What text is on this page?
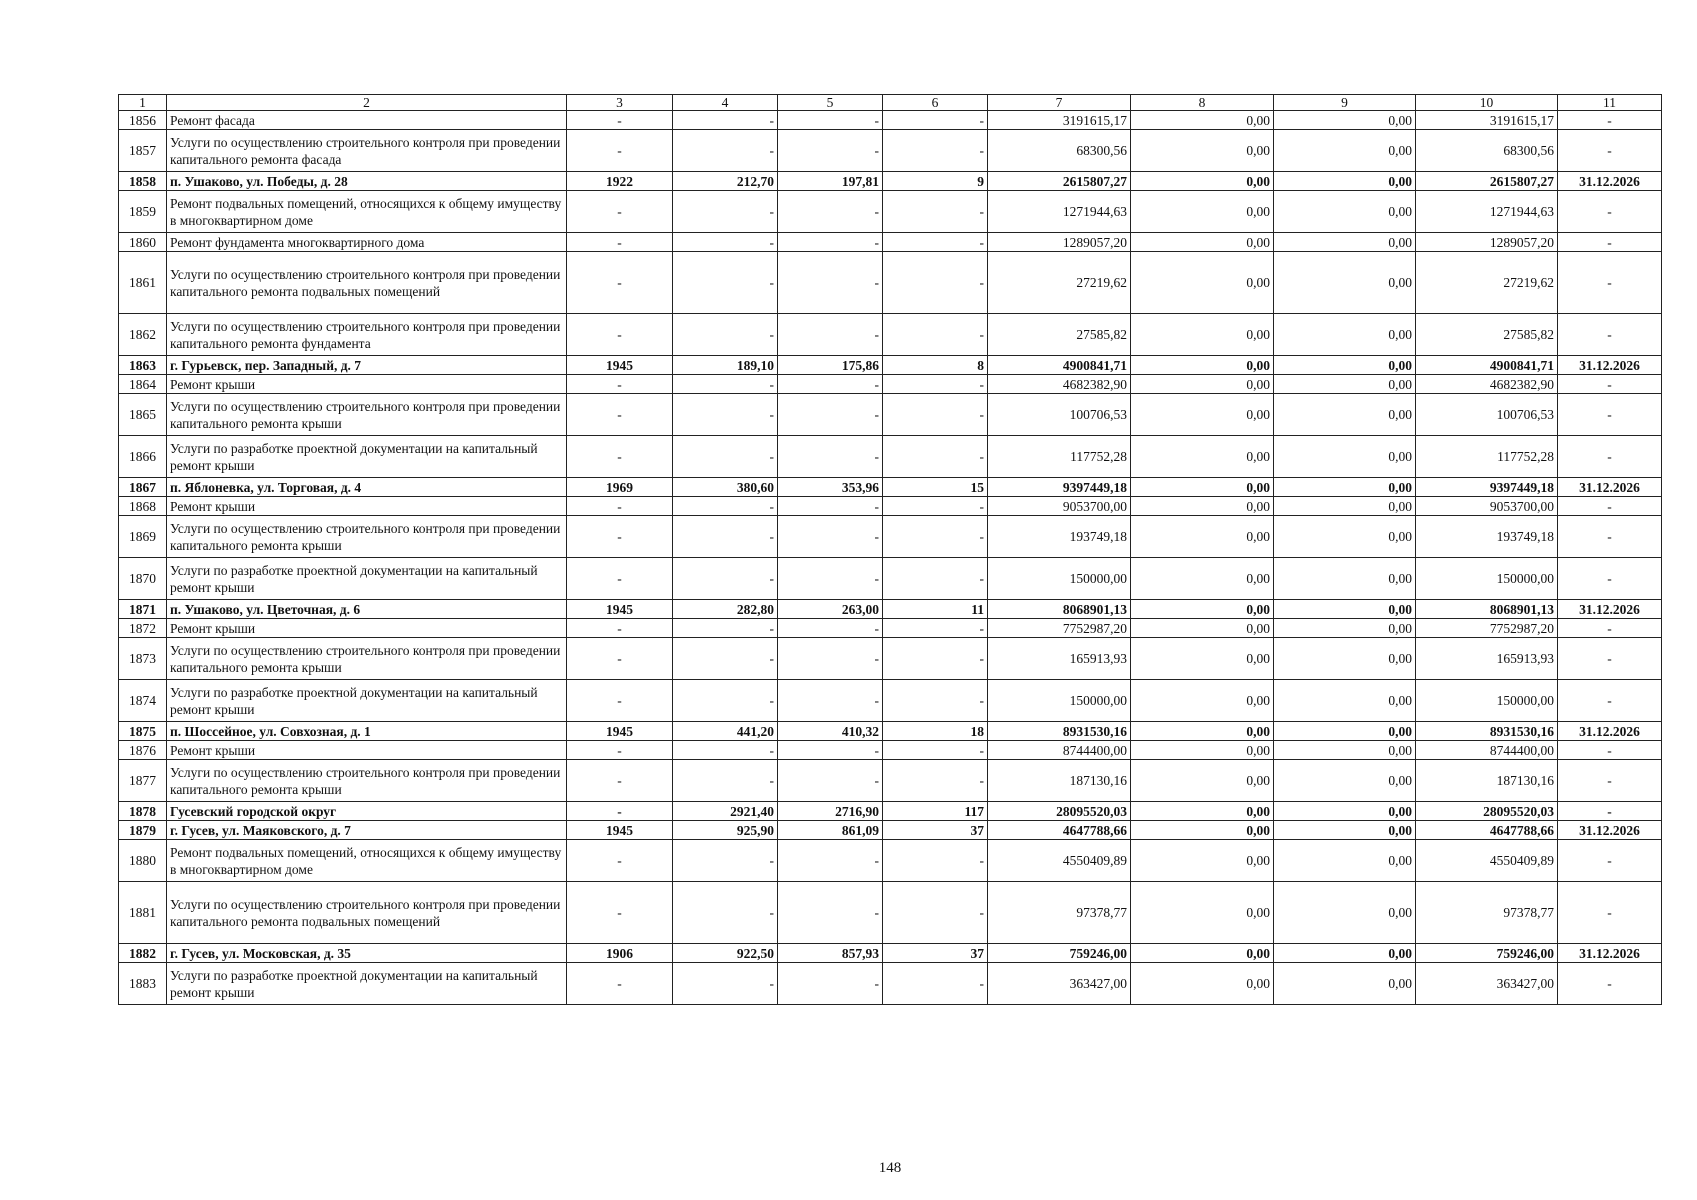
1	2	3	4	5	6	7	8	9	10	11
1856	Ремонт фасада	-	-	-	-	3191615,17	0,00	0,00	3191615,17	-
1857	Услуги по осуществлению строительного контроля при проведении капитального ремонта фасада	-	-	-	-	68300,56	0,00	0,00	68300,56	-
1858	п. Ушаково, ул. Победы, д. 28	1922	212,70	197,81	9	2615807,27	0,00	0,00	2615807,27	31.12.2026
1859	Ремонт подвальных помещений, относящихся к общему имуществу в многоквартирном доме	-	-	-	-	1271944,63	0,00	0,00	1271944,63	-
1860	Ремонт фундамента многоквартирного дома	-	-	-	-	1289057,20	0,00	0,00	1289057,20	-
1861	Услуги по осуществлению строительного контроля при проведении капитального ремонта подвальных помещений	-	-	-	-	27219,62	0,00	0,00	27219,62	-
1862	Услуги по осуществлению строительного контроля при проведении капитального ремонта фундамента	-	-	-	-	27585,82	0,00	0,00	27585,82	-
1863	г. Гурьевск, пер. Западный, д. 7	1945	189,10	175,86	8	4900841,71	0,00	0,00	4900841,71	31.12.2026
1864	Ремонт крыши	-	-	-	-	4682382,90	0,00	0,00	4682382,90	-
1865	Услуги по осуществлению строительного контроля при проведении капитального ремонта крыши	-	-	-	-	100706,53	0,00	0,00	100706,53	-
1866	Услуги по разработке проектной документации на капитальный ремонт крыши	-	-	-	-	117752,28	0,00	0,00	117752,28	-
1867	п. Яблоневка, ул. Торговая, д. 4	1969	380,60	353,96	15	9397449,18	0,00	0,00	9397449,18	31.12.2026
1868	Ремонт крыши	-	-	-	-	9053700,00	0,00	0,00	9053700,00	-
1869	Услуги по осуществлению строительного контроля при проведении капитального ремонта крыши	-	-	-	-	193749,18	0,00	0,00	193749,18	-
1870	Услуги по разработке проектной документации на капитальный ремонт крыши	-	-	-	-	150000,00	0,00	0,00	150000,00	-
1871	п. Ушаково, ул. Цветочная, д. 6	1945	282,80	263,00	11	8068901,13	0,00	0,00	8068901,13	31.12.2026
1872	Ремонт крыши	-	-	-	-	7752987,20	0,00	0,00	7752987,20	-
1873	Услуги по осуществлению строительного контроля при проведении капитального ремонта крыши	-	-	-	-	165913,93	0,00	0,00	165913,93	-
1874	Услуги по разработке проектной документации на капитальный ремонт крыши	-	-	-	-	150000,00	0,00	0,00	150000,00	-
1875	п. Шоссейное, ул. Совхозная, д. 1	1945	441,20	410,32	18	8931530,16	0,00	0,00	8931530,16	31.12.2026
1876	Ремонт крыши	-	-	-	-	8744400,00	0,00	0,00	8744400,00	-
1877	Услуги по осуществлению строительного контроля при проведении капитального ремонта крыши	-	-	-	-	187130,16	0,00	0,00	187130,16	-
1878	Гусевский городской округ	-	2921,40	2716,90	117	28095520,03	0,00	0,00	28095520,03	-
1879	г. Гусев, ул. Маяковского, д. 7	1945	925,90	861,09	37	4647788,66	0,00	0,00	4647788,66	31.12.2026
1880	Ремонт подвальных помещений, относящихся к общему имуществу в многоквартирном доме	-	-	-	-	4550409,89	0,00	0,00	4550409,89	-
1881	Услуги по осуществлению строительного контроля при проведении капитального ремонта подвальных помещений	-	-	-	-	97378,77	0,00	0,00	97378,77	-
1882	г. Гусев, ул. Московская, д. 35	1906	922,50	857,93	37	759246,00	0,00	0,00	759246,00	31.12.2026
1883	Услуги по разработке проектной документации на капитальный ремонт крыши	-	-	-	-	363427,00	0,00	0,00	363427,00	-
148
